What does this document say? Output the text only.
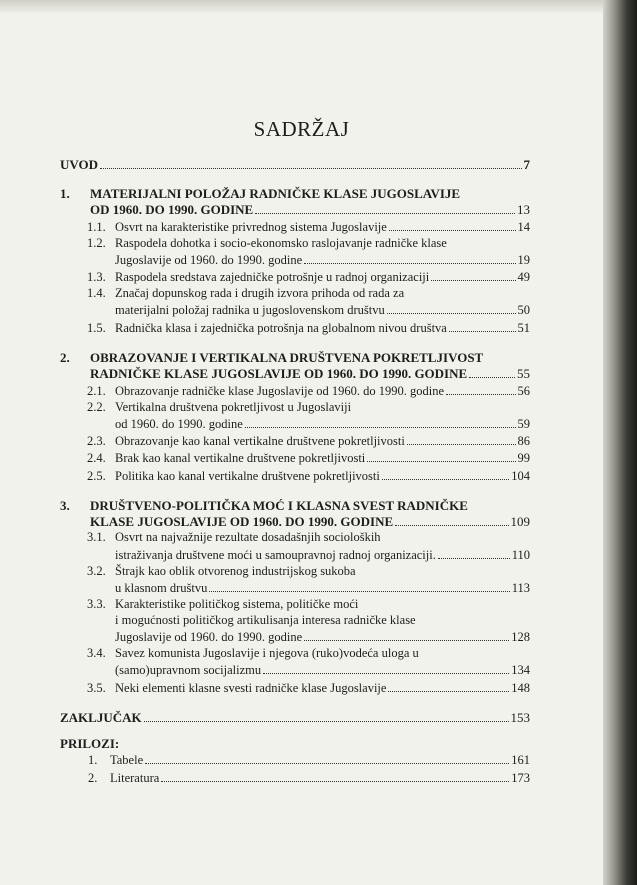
SADRŽAJ
UVOD	7
1.	MATERIJALNI POLOŽAJ RADNIČKE KLASE JUGOSLAVIJE
OD 1960. DO 1990. GODINE	13
1.1. Osvrt na karakteristike privrednog sistema Jugoslavije	14
1.2. Raspodela dohotka i socio-ekonomsko raslojavanje radničke klase
Jugoslavije od 1960. do 1990. godine	19
1.3. Raspodela sredstava zajedničke potrošnje u radnoj organizaciji	49
1.4. Značaj dopunskog rada i drugih izvora prihoda od rada za
materijalni položaj radnika u jugoslovenskom društvu	50
1.5. Radnička klasa i zajednička potrošnja na globalnom nivou društva	51
2.	OBRAZOVANJE I VERTIKALNA DRUŠTVENA POKRETLJIVOST
RADNIČKE KLASE JUGOSLAVIJE OD 1960. DO 1990. GODINE	55
2.1. Obrazovanje radničke klase Jugoslavije od 1960. do 1990. godine	56
2.2. Vertikalna društvena pokretljivost u Jugoslaviji
od 1960. do 1990. godine	59
2.3. Obrazovanje kao kanal vertikalne društvene pokretljivosti	86
2.4. Brak kao kanal vertikalne društvene pokretljivosti	99
2.5. Politika kao kanal vertikalne društvene pokretljivosti	104
3.	DRUŠTVENO-POLITIČKA MOĆ I KLASNA SVEST RADNIČKE
KLASE JUGOSLAVIJE OD 1960. DO 1990. GODINE	109
3.1. Osvrt na najvažnije rezultate dosadašnjih socioloških
istraživanja društvene moći u samoupravnoj radnoj organizaciji.	110
3.2. Štrajk kao oblik otvorenog industrijskog sukoba
u klasnom društvu	113
3.3. Karakteristike političkog sistema, političke moći
i mogućnosti političkog artikulisanja interesa radničke klase
Jugoslavije od 1960. do 1990. godine	128
3.4. Savez komunista Jugoslavije i njegova (ruko)vodeća uloga u
(samo)upravnom socijalizmu	134
3.5. Neki elementi klasne svesti radničke klase Jugoslavije	148
ZAKLJUČAK	153
PRILOZI:
1.	Tabele	161
2.	Literatura	173
